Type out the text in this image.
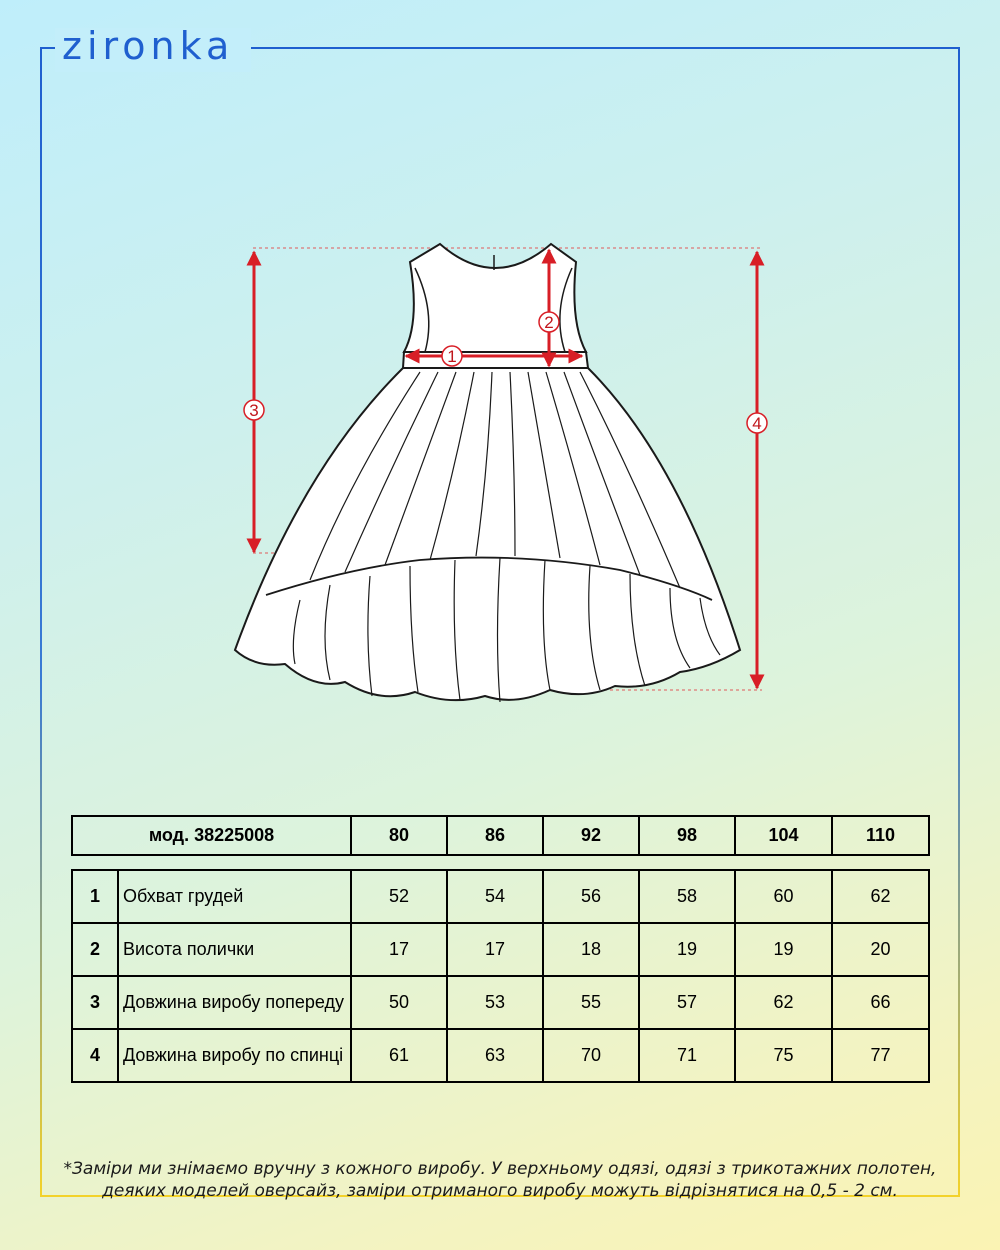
zironka
1
2
3
4
мод. 38225008	80	86	92	98	104	110
1	Обхват грудей	52	54	56	58	60	62
2	Висота полички	17	17	18	19	19	20
3	Довжина виробу попереду	50	53	55	57	62	66
4	Довжина виробу по спинці	61	63	70	71	75	77
*Заміри ми знімаємо вручну з кожного виробу. У верхньому одязі, одязі з трикотажних полотен,
деяких моделей оверсайз, заміри отриманого виробу можуть відрізнятися на 0,5 - 2 см.
